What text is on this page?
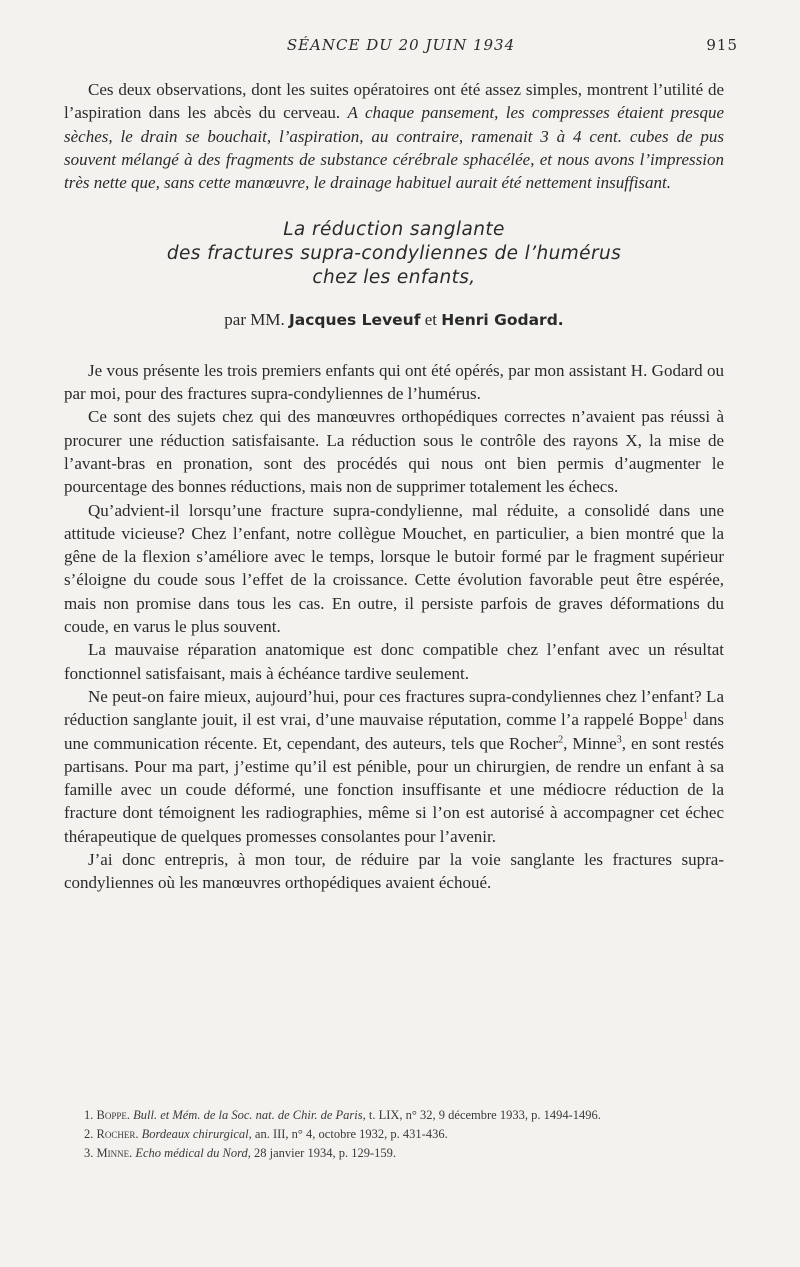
SÉANCE DU 20 JUIN 1934	915

Ces deux observations, dont les suites opératoires ont été assez simples, montrent l’utilité de l’aspiration dans les abcès du cerveau. A chaque pansement, les compresses étaient presque sèches, le drain se bouchait, l’aspiration, au contraire, ramenait 3 à 4 cent. cubes de pus souvent mélangé à des fragments de substance cérébrale sphacélée, et nous avons l’impression très nette que, sans cette manœuvre, le drainage habituel aurait été nettement insuffisant.

La réduction sanglante
des fractures supra-condyliennes de l’humérus
chez les enfants,
par MM. Jacques Leveuf et Henri Godard.

Je vous présente les trois premiers enfants qui ont été opérés, par mon assistant H. Godard ou par moi, pour des fractures supra-condyliennes de l’humérus.

Ce sont des sujets chez qui des manœuvres orthopédiques correctes n’avaient pas réussi à procurer une réduction satisfaisante. La réduction sous le contrôle des rayons X, la mise de l’avant-bras en pronation, sont des procédés qui nous ont bien permis d’augmenter le pourcentage des bonnes réductions, mais non de supprimer totalement les échecs.

Qu’advient-il lorsqu’une fracture supra-condylienne, mal réduite, a consolidé dans une attitude vicieuse? Chez l’enfant, notre collègue Mouchet, en particulier, a bien montré que la gêne de la flexion s’améliore avec le temps, lorsque le butoir formé par le fragment supérieur s’éloigne du coude sous l’effet de la croissance. Cette évolution favorable peut être espérée, mais non promise dans tous les cas. En outre, il persiste parfois de graves déformations du coude, en varus le plus souvent.

La mauvaise réparation anatomique est donc compatible chez l’enfant avec un résultat fonctionnel satisfaisant, mais à échéance tardive seulement.

Ne peut-on faire mieux, aujourd’hui, pour ces fractures supra-condyliennes chez l’enfant? La réduction sanglante jouit, il est vrai, d’une mauvaise réputation, comme l’a rappelé Boppe$^1$ dans une communication récente. Et, cependant, des auteurs, tels que Rocher$^2$, Minne$^3$, en sont restés partisans. Pour ma part, j’estime qu’il est pénible, pour un chirurgien, de rendre un enfant à sa famille avec un coude déformé, une fonction insuffisante et une médiocre réduction de la fracture dont témoignent les radiographies, même si l’on est autorisé à accompagner cet échec thérapeutique de quelques promesses consolantes pour l’avenir.

J’ai donc entrepris, à mon tour, de réduire par la voie sanglante les fractures supra-condyliennes où les manœuvres orthopédiques avaient échoué.

1. Boppe. Bull. et Mém. de la Soc. nat. de Chir. de Paris, t. LIX, n° 32, 9 décembre 1933, p. 1494-1496.

2. Rocher. Bordeaux chirurgical, an. III, n° 4, octobre 1932, p. 431-436.

3. Minne. Echo médical du Nord, 28 janvier 1934, p. 129-159.
